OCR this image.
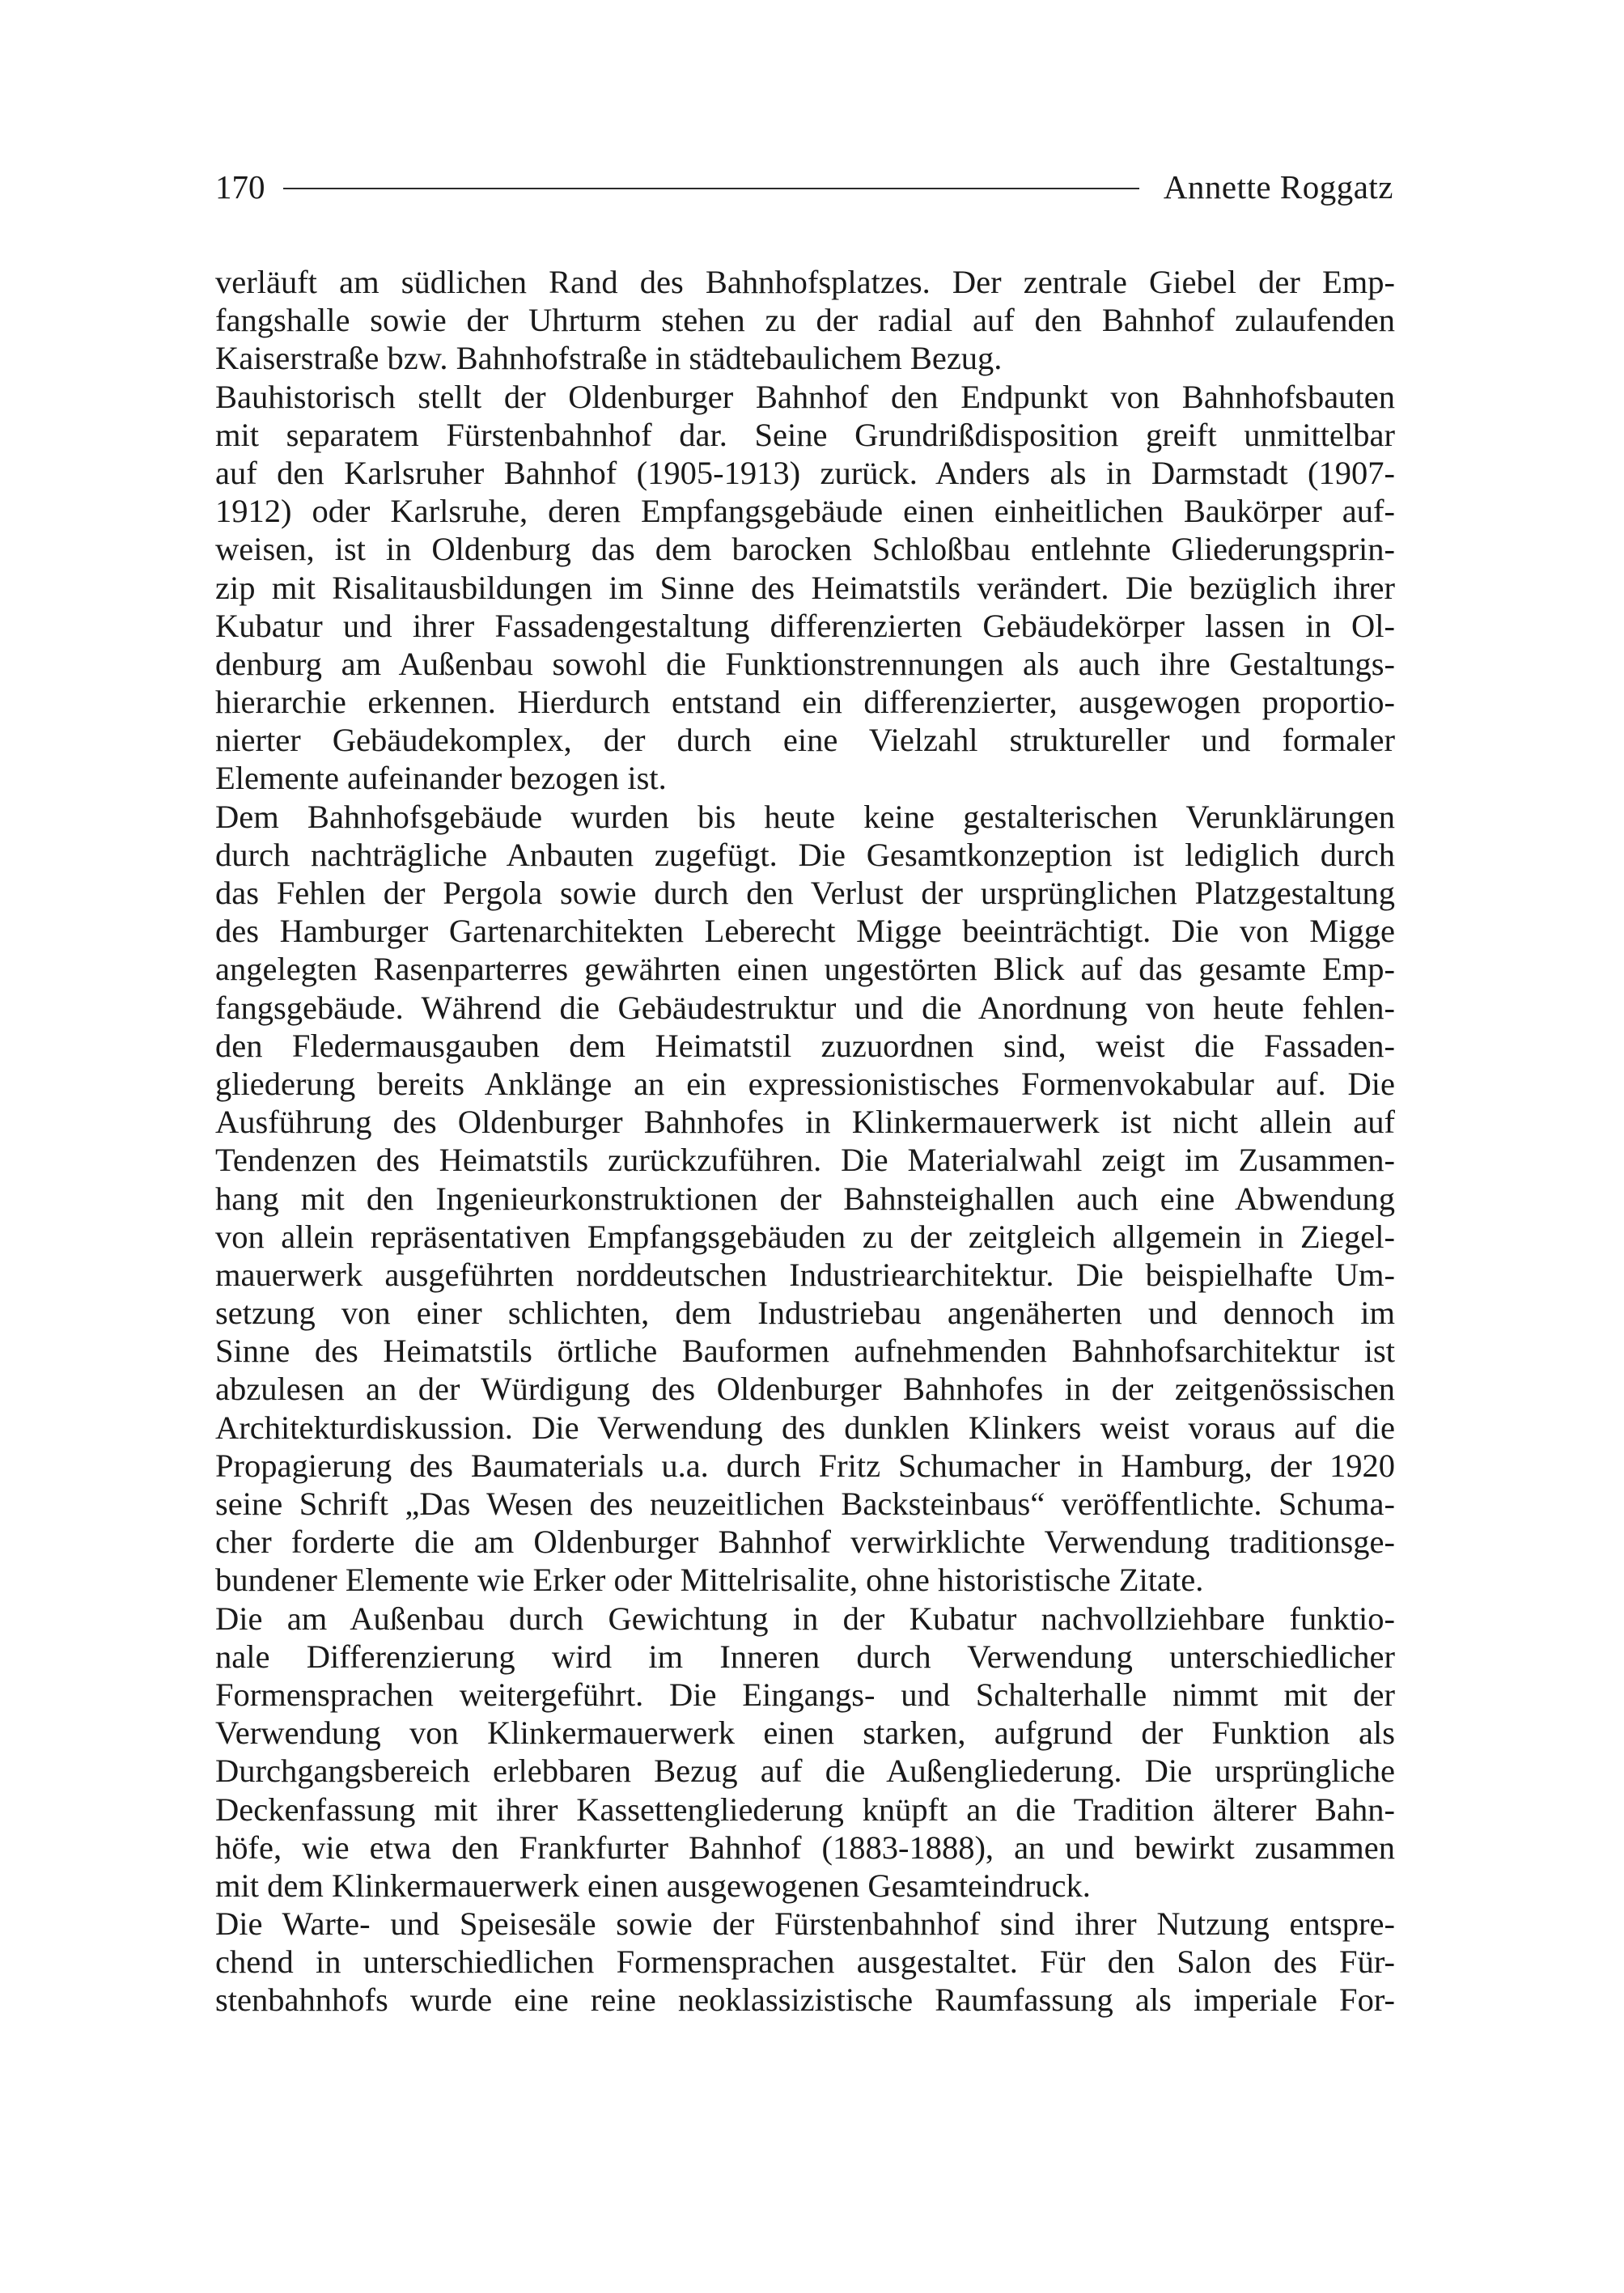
170	Annette Roggatz
verläuft am südlichen Rand des Bahnhofsplatzes. Der zentrale Giebel der Emp-
fangshalle sowie der Uhrturm stehen zu der radial auf den Bahnhof zulaufenden
Kaiserstraße bzw. Bahnhofstraße in städtebaulichem Bezug.
Bauhistorisch stellt der Oldenburger Bahnhof den Endpunkt von Bahnhofsbauten
mit separatem Fürstenbahnhof dar. Seine Grundrißdisposition greift unmittelbar
auf den Karlsruher Bahnhof (1905-1913) zurück. Anders als in Darmstadt (1907-
1912) oder Karlsruhe, deren Empfangsgebäude einen einheitlichen Baukörper auf-
weisen, ist in Oldenburg das dem barocken Schloßbau entlehnte Gliederungsprin-
zip mit Risalitausbildungen im Sinne des Heimatstils verändert. Die bezüglich ihrer
Kubatur und ihrer Fassadengestaltung differenzierten Gebäudekörper lassen in Ol-
denburg am Außenbau sowohl die Funktionstrennungen als auch ihre Gestaltungs-
hierarchie erkennen. Hierdurch entstand ein differenzierter, ausgewogen proportio-
nierter Gebäudekomplex, der durch eine Vielzahl struktureller und formaler
Elemente aufeinander bezogen ist.
Dem Bahnhofsgebäude wurden bis heute keine gestalterischen Verunklärungen
durch nachträgliche Anbauten zugefügt. Die Gesamtkonzeption ist lediglich durch
das Fehlen der Pergola sowie durch den Verlust der ursprünglichen Platzgestaltung
des Hamburger Gartenarchitekten Leberecht Migge beeinträchtigt. Die von Migge
angelegten Rasenparterres gewährten einen ungestörten Blick auf das gesamte Emp-
fangsgebäude. Während die Gebäudestruktur und die Anordnung von heute fehlen-
den Fledermausgauben dem Heimatstil zuzuordnen sind, weist die Fassaden-
gliederung bereits Anklänge an ein expressionistisches Formenvokabular auf. Die
Ausführung des Oldenburger Bahnhofes in Klinkermauerwerk ist nicht allein auf
Tendenzen des Heimatstils zurückzuführen. Die Materialwahl zeigt im Zusammen-
hang mit den Ingenieurkonstruktionen der Bahnsteighallen auch eine Abwendung
von allein repräsentativen Empfangsgebäuden zu der zeitgleich allgemein in Ziegel-
mauerwerk ausgeführten norddeutschen Industriearchitektur. Die beispielhafte Um-
setzung von einer schlichten, dem Industriebau angenäherten und dennoch im
Sinne des Heimatstils örtliche Bauformen aufnehmenden Bahnhofsarchitektur ist
abzulesen an der Würdigung des Oldenburger Bahnhofes in der zeitgenössischen
Architekturdiskussion. Die Verwendung des dunklen Klinkers weist voraus auf die
Propagierung des Baumaterials u.a. durch Fritz Schumacher in Hamburg, der 1920
seine Schrift „Das Wesen des neuzeitlichen Backsteinbaus“ veröffentlichte. Schuma-
cher forderte die am Oldenburger Bahnhof verwirklichte Verwendung traditionsge-
bundener Elemente wie Erker oder Mittelrisalite, ohne historistische Zitate.
Die am Außenbau durch Gewichtung in der Kubatur nachvollziehbare funktio-
nale Differenzierung wird im Inneren durch Verwendung unterschiedlicher
Formensprachen weitergeführt. Die Eingangs- und Schalterhalle nimmt mit der
Verwendung von Klinkermauerwerk einen starken, aufgrund der Funktion als
Durchgangsbereich erlebbaren Bezug auf die Außengliederung. Die ursprüngliche
Deckenfassung mit ihrer Kassettengliederung knüpft an die Tradition älterer Bahn-
höfe, wie etwa den Frankfurter Bahnhof (1883-1888), an und bewirkt zusammen
mit dem Klinkermauerwerk einen ausgewogenen Gesamteindruck.
Die Warte- und Speisesäle sowie der Fürstenbahnhof sind ihrer Nutzung entspre-
chend in unterschiedlichen Formensprachen ausgestaltet. Für den Salon des Für-
stenbahnhofs wurde eine reine neoklassizistische Raumfassung als imperiale For-
